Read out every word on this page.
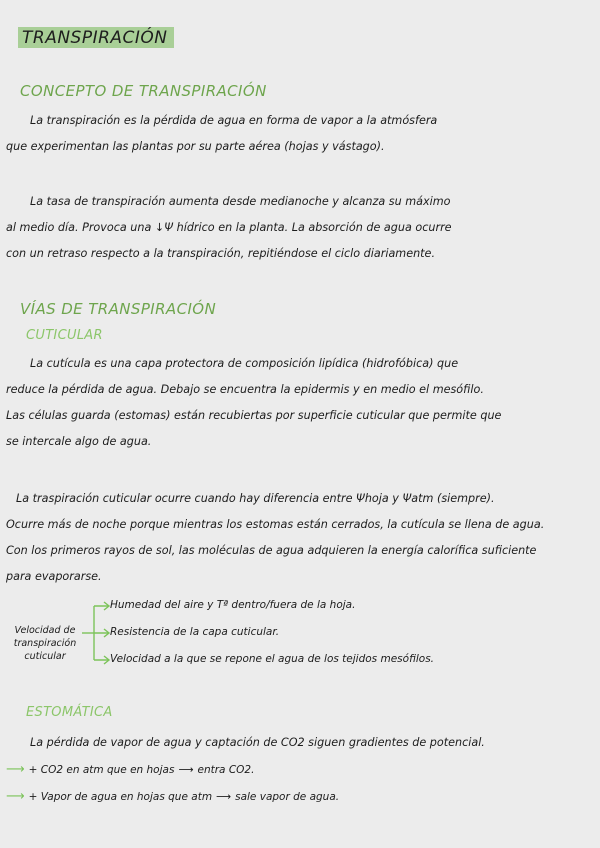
TRANSPIRACIÓN
CONCEPTO DE TRANSPIRACIÓN
La transpiración es la pérdida de agua en forma de vapor a la atmósfera
que experimentan las plantas por su parte aérea (hojas y vástago).
La tasa de transpiración aumenta desde medianoche y alcanza su máximo
al medio día. Provoca una ↓Ψ hídrico en la planta. La absorción de agua ocurre
con un retraso respecto a la transpiración, repitiéndose el ciclo diariamente.
VÍAS DE TRANSPIRACIÓN
CUTICULAR
La cutícula es una capa protectora de composición lipídica (hidrofóbica) que
reduce la pérdida de agua. Debajo se encuentra la epidermis y en medio el mesófilo.
Las células guarda (estomas) están recubiertas por superficie cuticular que permite que
se intercale algo de agua.
La traspiración cuticular ocurre cuando hay diferencia entre Ψhoja y Ψatm (siempre).
Ocurre más de noche porque mientras los estomas están cerrados, la cutícula se llena de agua.
Con los primeros rayos de sol, las moléculas de agua adquieren la energía calorífica suficiente
para evaporarse.
Velocidad de transpiración cuticular
Humedad del aire y Tª dentro/fuera de la hoja.
Resistencia de la capa cuticular.
Velocidad a la que se repone el agua de los tejidos mesófilos.
ESTOMÁTICA
La pérdida de vapor de agua y captación de CO2 siguen gradientes de potencial.
⟶ + CO2 en atm que en hojas ⟶ entra CO2.
⟶ + Vapor de agua en hojas que atm ⟶ sale vapor de agua.
